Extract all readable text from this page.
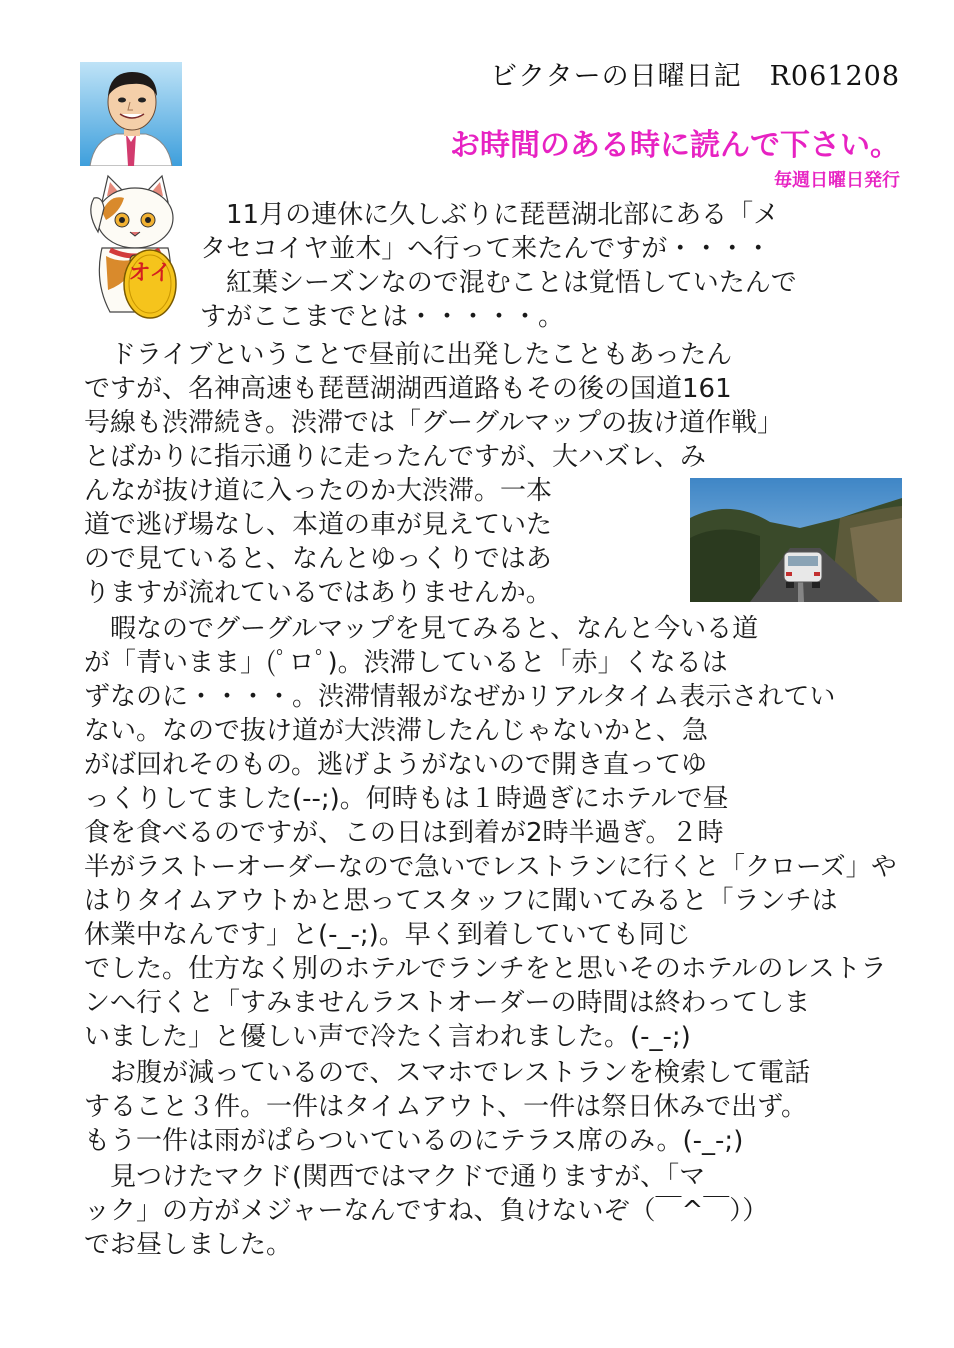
ビクターの日曜日記　R061208
お時間のある時に読んで下さい。
毎週日曜日発行
オイ
　11月の連休に久しぶりに琵琶湖北部にある「メ
タセコイヤ並木」へ行って来たんですが・・・・
　紅葉シーズンなので混むことは覚悟していたんで
すがここまでとは・・・・・。
　ドライブということで昼前に出発したこともあったん
ですが、名神高速も琵琶湖湖西道路もその後の国道161
号線も渋滞続き。渋滞では「グーグルマップの抜け道作戦」
とばかりに指示通りに走ったんですが、大ハズレ、み
んなが抜け道に入ったのか大渋滞。一本
道で逃げ場なし、本道の車が見えていた
ので見ていると、なんとゆっくりではあ
りますが流れているではありませんか。
　暇なのでグーグルマップを見てみると、なんと今いる道
が「青いまま」(ﾟロﾟ)。渋滞していると「赤」くなるは
ずなのに・・・・。渋滞情報がなぜかリアルタイム表示されてい
ない。なので抜け道が大渋滞したんじゃないかと、急
がば回れそのもの。逃げようがないので開き直ってゆ
っくりしてました(--;)。何時もは１時過ぎにホテルで昼
食を食べるのですが、この日は到着が2時半過ぎ。２時
半がラストーオーダーなので急いでレストランに行くと「クローズ」や
はりタイムアウトかと思ってスタッフに聞いてみると「ランチは
休業中なんです」と(-_-;)。早く到着していても同じ
でした。仕方なく別のホテルでランチをと思いそのホテルのレストラ
ンへ行くと「すみませんラストオーダーの時間は終わってしま
いました」と優しい声で冷たく言われました。(-_-;)
　お腹が減っているので、スマホでレストランを検索して電話
すること３件。一件はタイムアウト、一件は祭日休みで出ず。
もう一件は雨がぱらついているのにテラス席のみ。(-_-;)
　見つけたマクド(関西ではマクドで通りますが、「マ
ック」の方がメジャーなんですね、負けないぞ（￣^￣））
でお昼しました。
